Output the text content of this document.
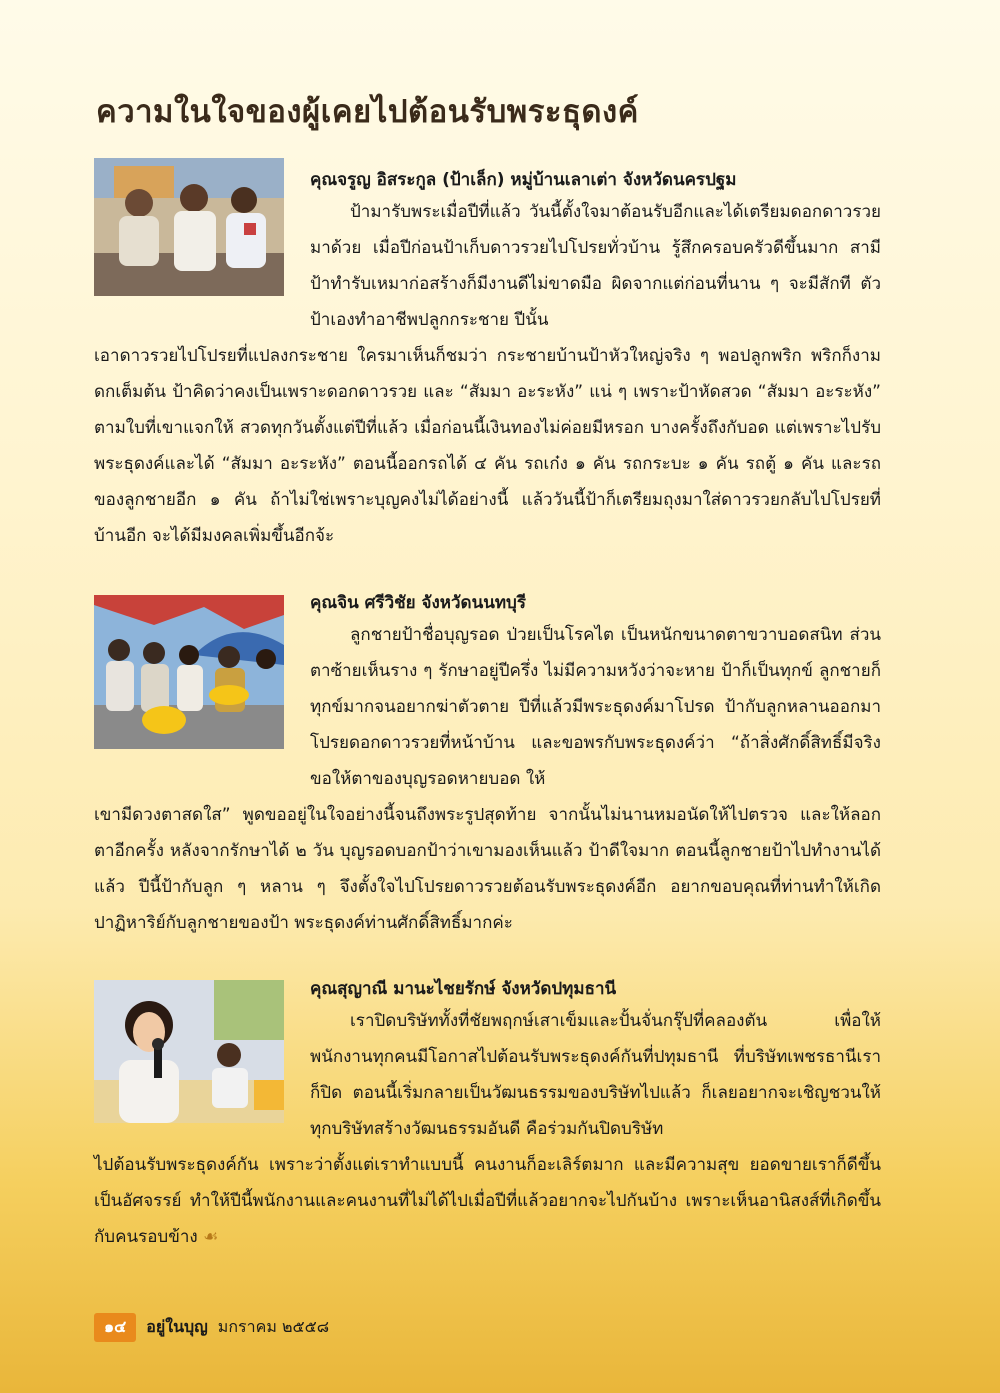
ความในใจของผู้เคยไปต้อนรับพระธุดงค์
คุณจรูญ อิสระกูล (ป้าเล็ก) หมู่บ้านเลาเต่า จังหวัดนครปฐม

ป้ามารับพระเมื่อปีที่แล้ว วันนี้ตั้งใจมาต้อนรับอีกและได้เตรียมดอกดาวรวยมาด้วย เมื่อปีก่อนป้าเก็บดาวรวยไปโปรยทั่วบ้าน รู้สึกครอบครัวดีขึ้นมาก สามีป้าทำรับเหมาก่อสร้างก็มีงานดีไม่ขาดมือ ผิดจากแต่ก่อนที่นาน ๆ จะมีสักที ตัวป้าเองทำอาชีพปลูกกระชาย ปีนั้น

เอาดาวรวยไปโปรยที่แปลงกระชาย ใครมาเห็นก็ชมว่า กระชายบ้านป้าหัวใหญ่จริง ๆ พอปลูกพริก พริกก็งาม ดกเต็มต้น ป้าคิดว่าคงเป็นเพราะดอกดาวรวย และ “สัมมา อะระหัง” แน่ ๆ เพราะป้าหัดสวด “สัมมา อะระหัง” ตามใบที่เขาแจกให้ สวดทุกวันตั้งแต่ปีที่แล้ว เมื่อก่อนนี้เงินทองไม่ค่อยมีหรอก บางครั้งถึงกับอด แต่เพราะไปรับพระธุดงค์และได้ “สัมมา อะระหัง” ตอนนี้ออกรถได้ ๔ คัน รถเก๋ง ๑ คัน รถกระบะ ๑ คัน รถตู้ ๑ คัน และรถของลูกชายอีก ๑ คัน ถ้าไม่ใช่เพราะบุญคงไม่ได้อย่างนี้ แล้ววันนี้ป้าก็เตรียมถุงมาใส่ดาวรวยกลับไปโปรยที่บ้านอีก จะได้มีมงคลเพิ่มขึ้นอีกจ้ะ

คุณจิน ศรีวิชัย จังหวัดนนทบุรี

ลูกชายป้าชื่อบุญรอด ป่วยเป็นโรคไต เป็นหนักขนาดตาขวาบอดสนิท ส่วนตาซ้ายเห็นราง ๆ รักษาอยู่ปีครึ่ง ไม่มีความหวังว่าจะหาย ป้าก็เป็นทุกข์ ลูกชายก็ทุกข์มากจนอยากฆ่าตัวตาย ปีที่แล้วมีพระธุดงค์มาโปรด ป้ากับลูกหลานออกมาโปรยดอกดาวรวยที่หน้าบ้าน และขอพรกับพระธุดงค์ว่า “ถ้าสิ่งศักดิ์สิทธิ์มีจริง ขอให้ตาของบุญรอดหายบอด ให้

เขามีดวงตาสดใส” พูดขออยู่ในใจอย่างนี้จนถึงพระรูปสุดท้าย จากนั้นไม่นานหมอนัดให้ไปตรวจ และให้ลอกตาอีกครั้ง หลังจากรักษาได้ ๒ วัน บุญรอดบอกป้าว่าเขามองเห็นแล้ว ป้าดีใจมาก ตอนนี้ลูกชายป้าไปทำงานได้แล้ว ปีนี้ป้ากับลูก ๆ หลาน ๆ จึงตั้งใจไปโปรยดาวรวยต้อนรับพระธุดงค์อีก อยากขอบคุณที่ท่านทำให้เกิดปาฏิหาริย์กับลูกชายของป้า พระธุดงค์ท่านศักดิ์สิทธิ์มากค่ะ

คุณสุญาณี มานะไชยรักษ์ จังหวัดปทุมธานี

เราปิดบริษัททั้งที่ชัยพฤกษ์เสาเข็มและปั้นจั่นกรุ๊ปที่คลองตัน เพื่อให้พนักงานทุกคนมีโอกาสไปต้อนรับพระธุดงค์กันที่ปทุมธานี ที่บริษัทเพชรธานีเราก็ปิด ตอนนี้เริ่มกลายเป็นวัฒนธรรมของบริษัทไปแล้ว ก็เลยอยากจะเชิญชวนให้ทุกบริษัทสร้างวัฒนธรรมอันดี คือร่วมกันปิดบริษัท

ไปต้อนรับพระธุดงค์กัน เพราะว่าตั้งแต่เราทำแบบนี้ คนงานก็อะเลิร์ตมาก และมีความสุข ยอดขายเราก็ดีขึ้นเป็นอัศจรรย์ ทำให้ปีนี้พนักงานและคนงานที่ไม่ได้ไปเมื่อปีที่แล้วอยากจะไปกันบ้าง เพราะเห็นอานิสงส์ที่เกิดขึ้นกับคนรอบข้าง ☙

๑๔	อยู่ในบุญ มกราคม ๒๕๕๘
